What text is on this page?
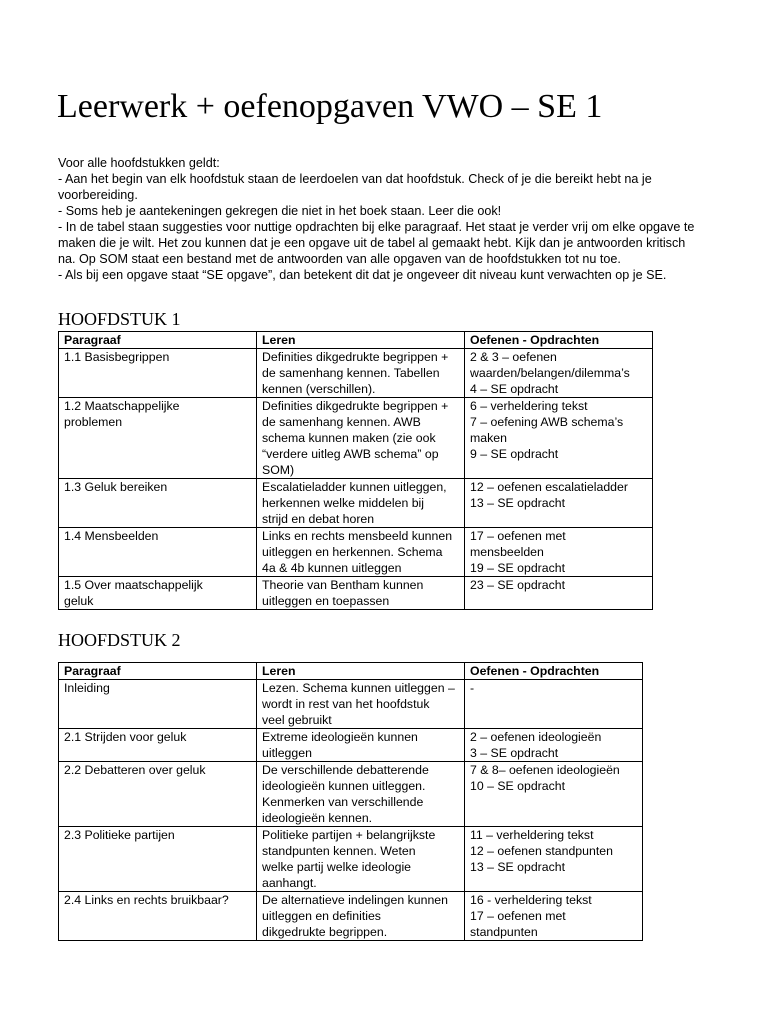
Leerwerk + oefenopgaven VWO – SE 1

Voor alle hoofdstukken geldt:

- Aan het begin van elk hoofdstuk staan de leerdoelen van dat hoofdstuk. Check of je die bereikt hebt na je

voorbereiding.

- Soms heb je aantekeningen gekregen die niet in het boek staan. Leer die ook!

- In de tabel staan suggesties voor nuttige opdrachten bij elke paragraaf. Het staat je verder vrij om elke opgave te

maken die je wilt. Het zou kunnen dat je een opgave uit de tabel al gemaakt hebt. Kijk dan je antwoorden kritisch

na. Op SOM staat een bestand met de antwoorden van alle opgaven van de hoofdstukken tot nu toe.

- Als bij een opgave staat “SE opgave”, dan betekent dit dat je ongeveer dit niveau kunt verwachten op je SE.

HOOFDSTUK 1
Paragraaf	Leren	Oefenen - Opdrachten

1.1 Basisbegrippen	Definities dikgedrukte begrippen +
de samenhang kennen. Tabellen
kennen (verschillen).	2 & 3 – oefenen
waarden/belangen/dilemma’s
4 – SE opdracht

1.2 Maatschappelijke
problemen	Definities dikgedrukte begrippen +
de samenhang kennen. AWB
schema kunnen maken (zie ook
“verdere uitleg AWB schema” op
SOM)	6 – verheldering tekst
7 – oefening AWB schema’s
maken
9 – SE opdracht

1.3 Geluk bereiken	Escalatieladder kunnen uitleggen,
herkennen welke middelen bij
strijd en debat horen	12 – oefenen escalatieladder
13 – SE opdracht

1.4 Mensbeelden	Links en rechts mensbeeld kunnen
uitleggen en herkennen. Schema
4a & 4b kunnen uitleggen	17 – oefenen met
mensbeelden
19 – SE opdracht

1.5 Over maatschappelijk
geluk	Theorie van Bentham kunnen
uitleggen en toepassen	23 – SE opdracht
HOOFDSTUK 2
Paragraaf	Leren	Oefenen - Opdrachten

Inleiding	Lezen. Schema kunnen uitleggen –
wordt in rest van het hoofdstuk
veel gebruikt	-

2.1 Strijden voor geluk	Extreme ideologieën kunnen
uitleggen	2 – oefenen ideologieën
3 – SE opdracht

2.2 Debatteren over geluk	De verschillende debatterende
ideologieën kunnen uitleggen.
Kenmerken van verschillende
ideologieën kennen.	7 & 8– oefenen ideologieën
10 – SE opdracht

2.3 Politieke partijen	Politieke partijen + belangrijkste
standpunten kennen. Weten
welke partij welke ideologie
aanhangt.	11 – verheldering tekst
12 – oefenen standpunten
13 – SE opdracht

2.4 Links en rechts bruikbaar?	De alternatieve indelingen kunnen
uitleggen en definities
dikgedrukte begrippen.	16 - verheldering tekst
17 – oefenen met
standpunten
